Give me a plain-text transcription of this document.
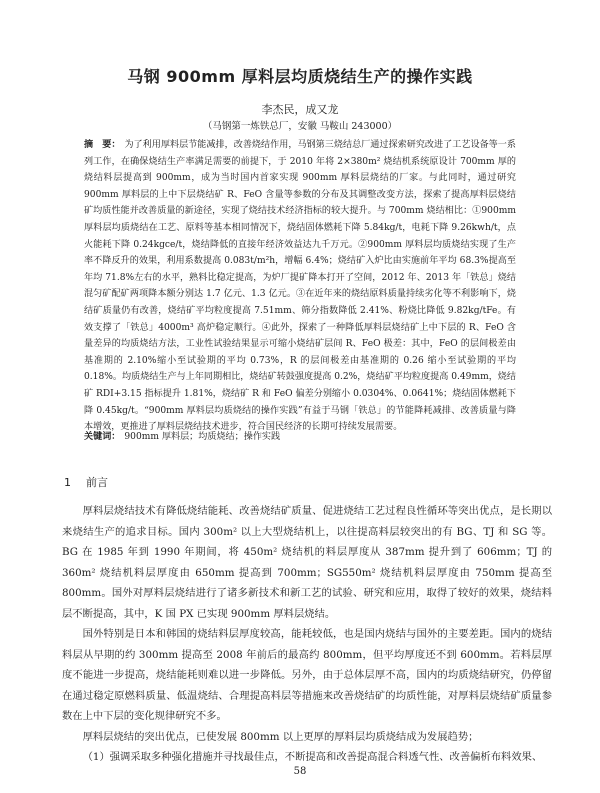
马钢 900mm 厚料层均质烧结生产的操作实践
李杰民，成又龙
（马钢第一炼铁总厂，安徽 马鞍山 243000）
摘　要： 为了利用厚料层节能减排，改善烧结作用，马钢第三烧结总厂通过探索研究改进了工艺设备等一系列工作，在确保烧结生产率满足需要的前提下，于 2010 年将 2×380m² 烧结机系统原设计 700mm 厚的烧结料层提高到 900mm，成为当时国内首家实现 900mm 厚料层烧结的厂家。与此同时，通过研究 900mm 厚料层的上中下层烧结矿 R、FeO 含量等参数的分布及其调整改变方法，探索了提高厚料层烧结矿均质性能并改善质量的新途径，实现了烧结技术经济指标的较大提升。与 700mm 烧结相比：①900mm 厚料层均质烧结在工艺、原料等基本相同情况下，烧结固体燃耗下降 5.84kg/t，电耗下降 9.26kwh/t，点火能耗下降 0.24kgce/t，烧结降低的直接年经济效益达九千万元。②900mm 厚料层均质烧结实现了生产率不降反升的效果，利用系数提高 0.083t/m²h，增幅 6.4%；烧结矿入炉比由实施前年平均 68.3%提高至年均 71.8%左右的水平，熟料比稳定提高，为炉厂提矿降本打开了空间，2012 年、2013 年「铁总」烧结混匀矿配矿两项降本额分别达 1.7 亿元、1.3 亿元。③在近年来的烧结原料质量持续劣化等不利影响下，烧结矿质量仍有改善，烧结矿平均粒度提高 7.51mm、筛分指数降低 2.41%、粉烧比降低 9.82kg/tFe。有效支撑了「铁总」4000m³ 高炉稳定顺行。④此外，探索了一种降低厚料层烧结矿上中下层的 R、FeO 含量差异的均质烧结方法，工业性试验结果显示可缩小烧结矿层间 R、FeO 极差：其中，FeO 的层间极差由基准期的 2.10%缩小至试验期的平均 0.73%，R 的层间极差由基准期的 0.26 缩小至试验期的平均 0.18%。均质烧结生产与上年同期相比，烧结矿转鼓强度提高 0.2%，烧结矿平均粒度提高 0.49mm，烧结矿 RDI+3.15 指标提升 1.81%，烧结矿 R 和 FeO 偏差分别缩小 0.0304%、0.0641%；烧结固体燃耗下降 0.45kg/t。“900mm 厚料层均质烧结的操作实践”有益于马钢「铁总」的节能降耗减排、改善质量与降本增效，更推进了厚料层烧结技术进步，符合国民经济的长期可持续发展需要。
关键词： 900mm 厚料层；均质烧结；操作实践
1 前言

厚料层烧结技术有降低烧结能耗、改善烧结矿质量、促进烧结工艺过程良性循环等突出优点，是长期以来烧结生产的追求目标。国内 300m² 以上大型烧结机上，以往提高料层较突出的有 BG、TJ 和 SG 等。BG 在 1985 年到 1990 年期间，将 450m² 烧结机的料层厚度从 387mm 提升到了 606mm；TJ 的 360m² 烧结机料层厚度由 650mm 提高到 700mm；SG550m² 烧结机料层厚度由 750mm 提高至 800mm。国外对厚料层烧结进行了诸多新技术和新工艺的试验、研究和应用，取得了较好的效果，烧结料层不断提高，其中，K 国 PX 已实现 900mm 厚料层烧结。

国外特别是日本和韩国的烧结料层厚度较高，能耗较低，也是国内烧结与国外的主要差距。国内的烧结料层从早期的约 300mm 提高至 2008 年前后的最高约 800mm，但平均厚度还不到 600mm。若料层厚度不能进一步提高，烧结能耗则难以进一步降低。另外，由于总体层厚不高，国内的均质烧结研究，仍停留在通过稳定原燃料质量、低温烧结、合理提高料层等措施来改善烧结矿的均质性能，对厚料层烧结矿质量参数在上中下层的变化规律研究不多。

厚料层烧结的突出优点，已使发展 800mm 以上更厚的厚料层均质烧结成为发展趋势；

（1）强调采取多种强化措施并寻找最佳点，不断提高和改善提高混合料透气性、改善偏析布料效果、

58
